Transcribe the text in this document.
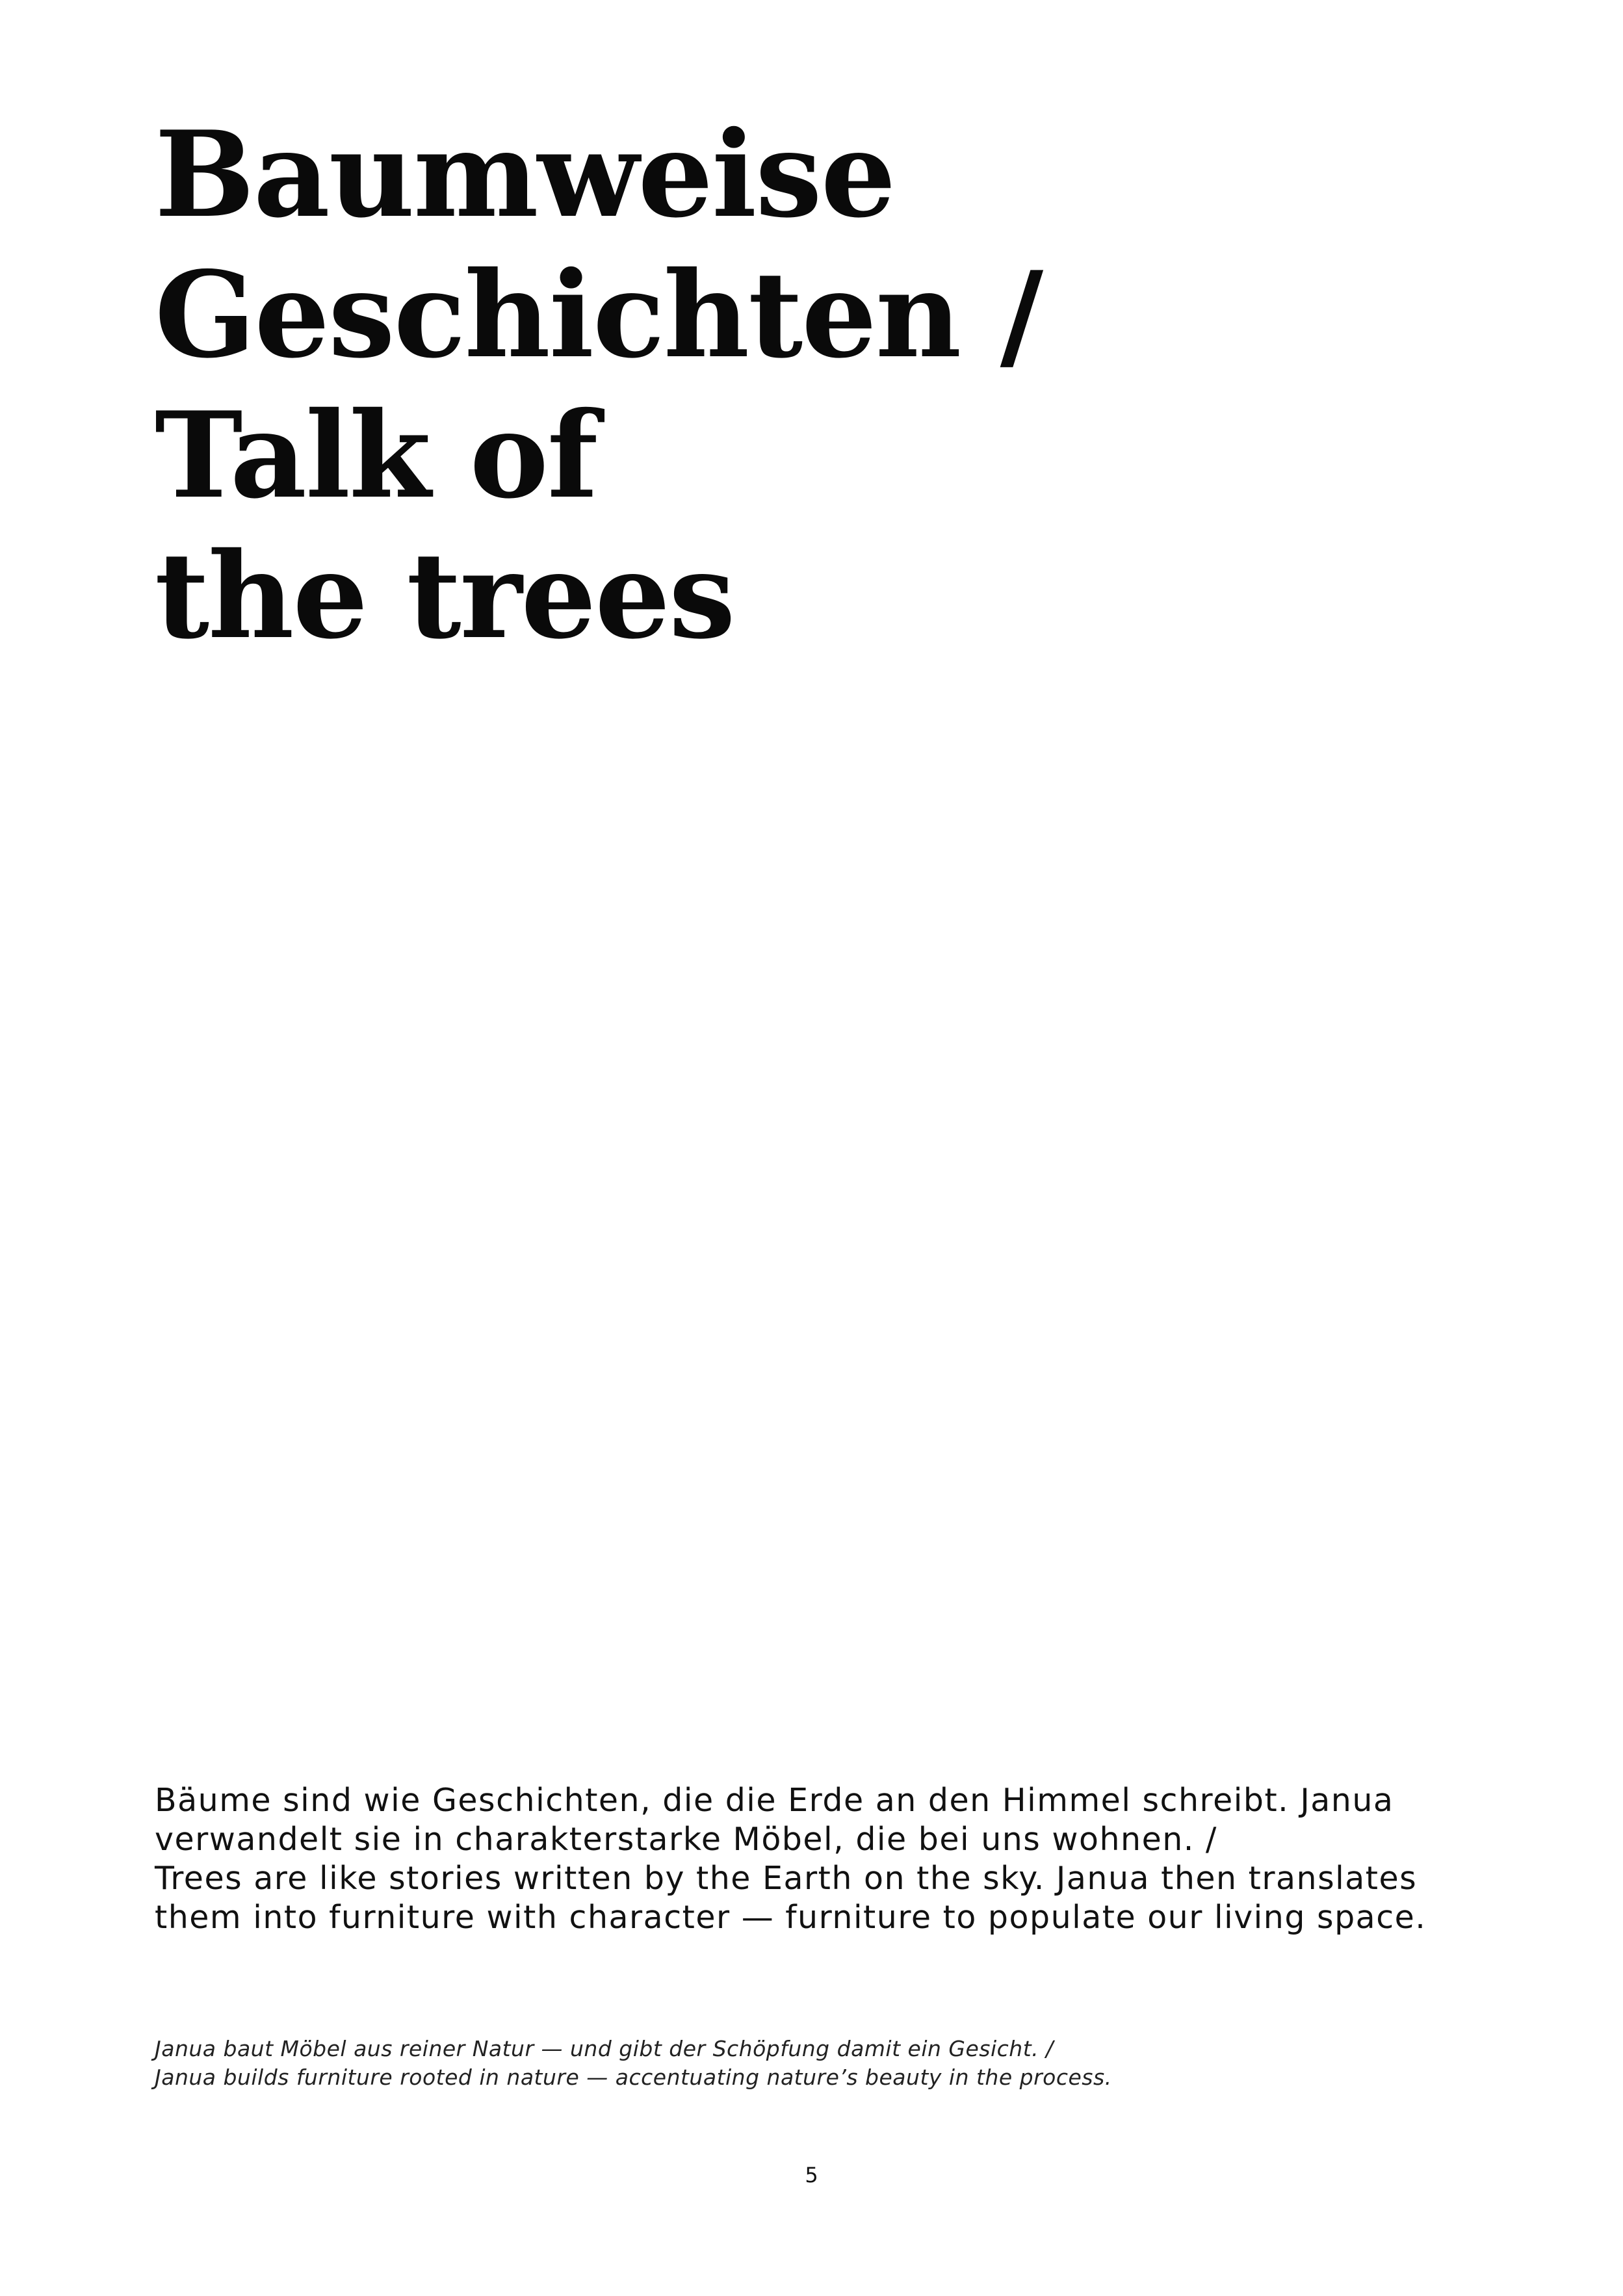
Baumweise
Geschichten /
Talk of
the trees

Bäume sind wie Geschichten, die die Erde an den Himmel schreibt. Janua
verwandelt sie in charakterstarke Möbel, die bei uns wohnen. /
Trees are like stories written by the Earth on the sky. Janua then translates
them into furniture with character — furniture to populate our living space.

Janua baut Möbel aus reiner Natur — und gibt der Schöpfung damit ein Gesicht. /
Janua builds furniture rooted in nature — accentuating nature’s beauty in the process.

5
